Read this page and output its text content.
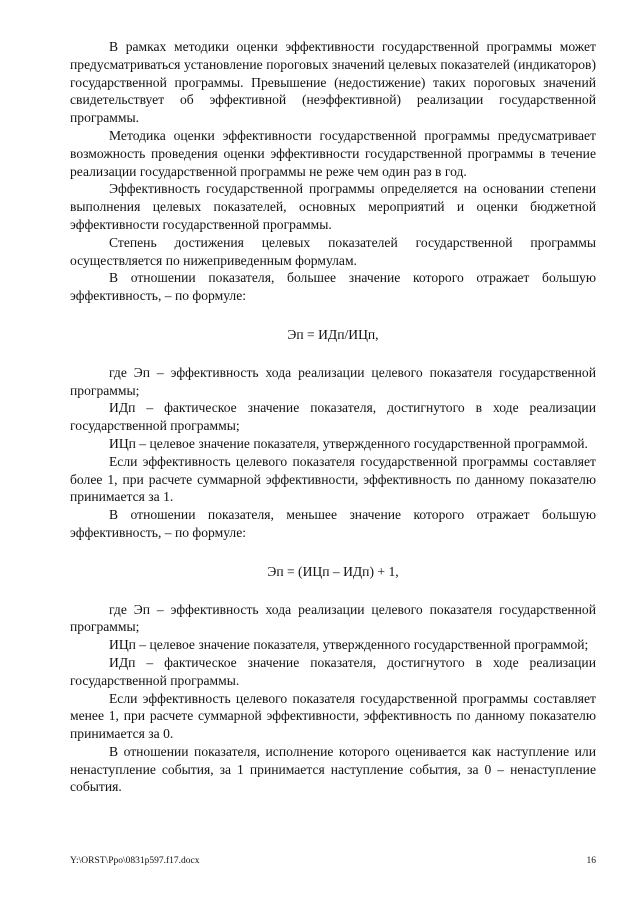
В рамках методики оценки эффективности государственной программы может предусматриваться установление пороговых значений целевых показателей (индикаторов) государственной программы. Превышение (недостижение) таких пороговых значений свидетельствует об эффективной (неэффективной) реализации государственной программы.

Методика оценки эффективности государственной программы предусматривает возможность проведения оценки эффективности государственной программы в течение реализации государственной программы не реже чем один раз в год.

Эффективность государственной программы определяется на основании степени выполнения целевых показателей, основных мероприятий и оценки бюджетной эффективности государственной программы.

Степень достижения целевых показателей государственной программы осуществляется по нижеприведенным формулам.

В отношении показателя, большее значение которого отражает большую эффективность, – по формуле:

Эп = ИДп/ИЦп,

где Эп – эффективность хода реализации целевого показателя государственной программы;

ИДп – фактическое значение показателя, достигнутого в ходе реализации государственной программы;

ИЦп – целевое значение показателя, утвержденного государственной программой.

Если эффективность целевого показателя государственной программы составляет более 1, при расчете суммарной эффективности, эффективность по данному показателю принимается за 1.

В отношении показателя, меньшее значение которого отражает большую эффективность, – по формуле:

Эп = (ИЦп – ИДп) + 1,

где Эп – эффективность хода реализации целевого показателя государственной программы;

ИЦп – целевое значение показателя, утвержденного государственной программой;

ИДп – фактическое значение показателя, достигнутого в ходе реализации государственной программы.

Если эффективность целевого показателя государственной программы составляет менее 1, при расчете суммарной эффективности, эффективность по данному показателю принимается за 0.

В отношении показателя, исполнение которого оценивается как наступление или ненаступление события, за 1 принимается наступление события, за 0 – ненаступление события.

Y:\ORST\Ppo\0831p597.f17.docx	16
